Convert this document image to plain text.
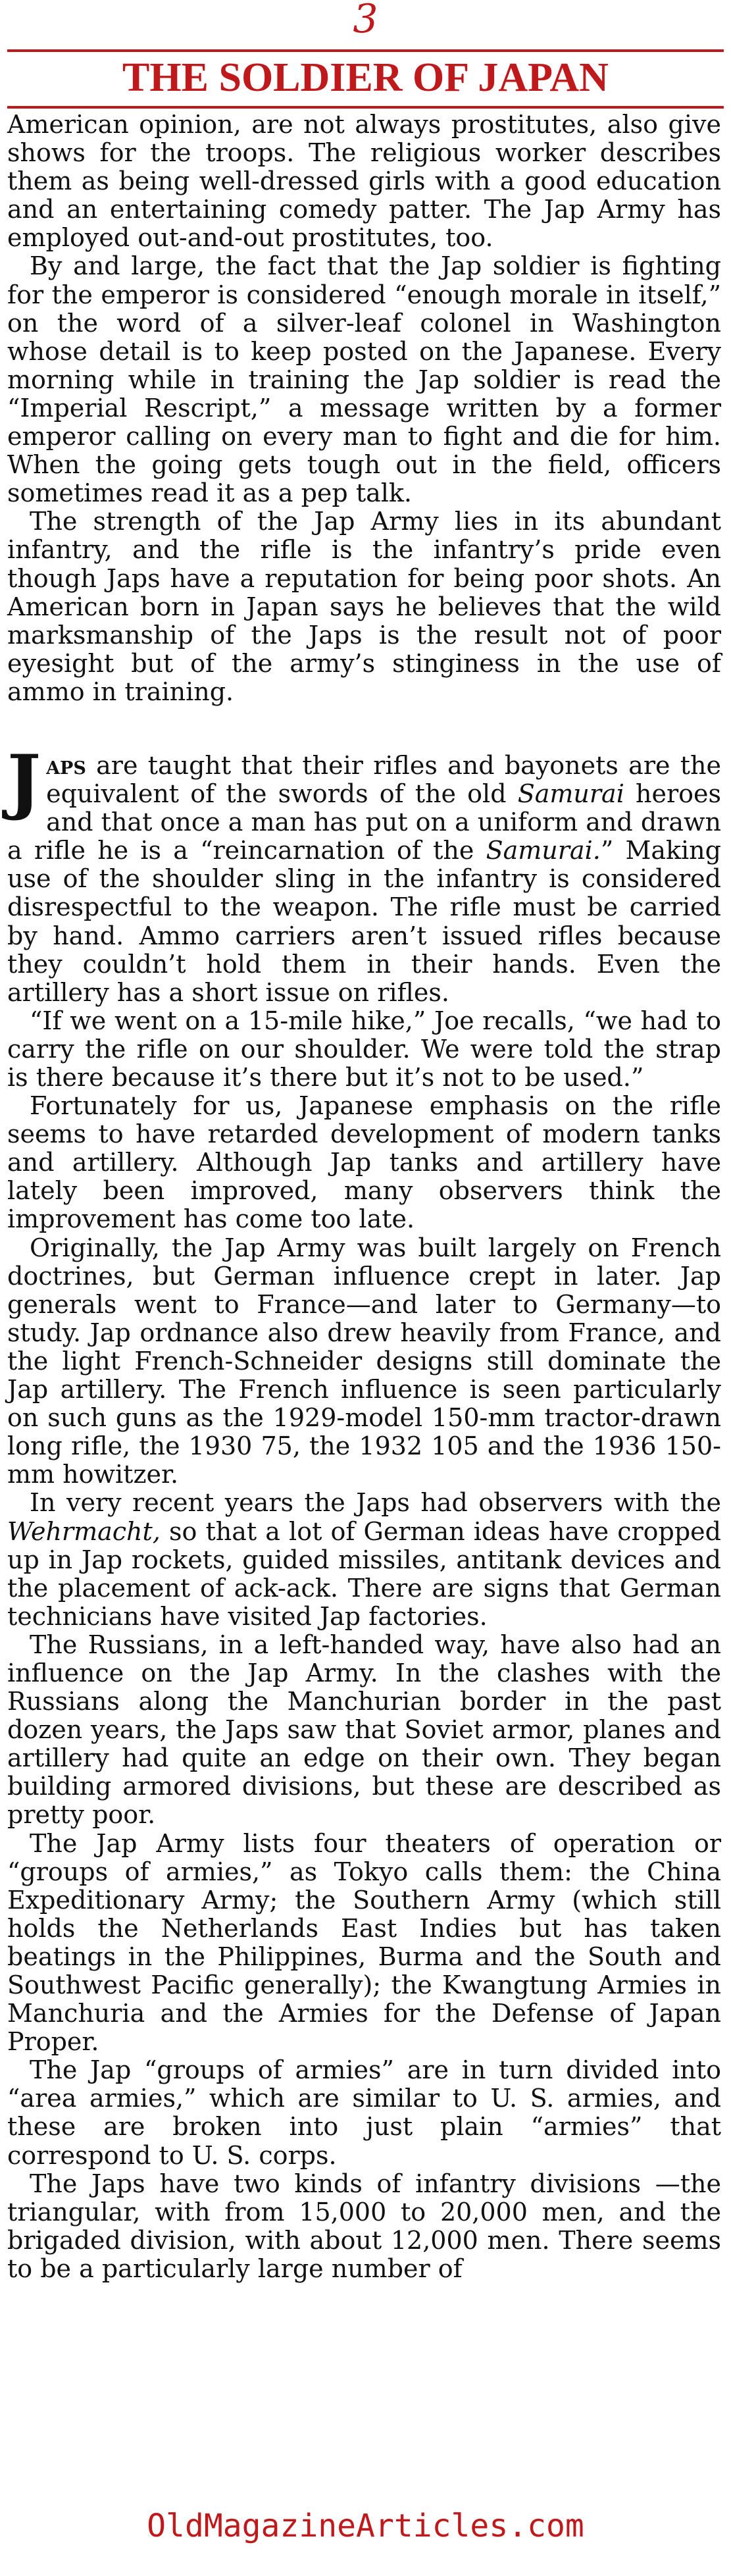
3
THE SOLDIER OF JAPAN

American opinion, are not always prostitutes, also give shows for the troops. The religious worker describes them as being well-dressed girls with a good education and an entertaining comedy patter. The Jap Army has employed out-and-out prostitutes, too.

By and large, the fact that the Jap soldier is fighting for the emperor is considered “enough morale in itself,” on the word of a silver-leaf colonel in Washington whose detail is to keep posted on the Japanese. Every morning while in training the Jap soldier is read the “Imperial Rescript,” a message written by a former emperor calling on every man to fight and die for him. When the going gets tough out in the field, officers sometimes read it as a pep talk.

The strength of the Jap Army lies in its abundant infantry, and the rifle is the infantry’s pride even though Japs have a reputation for being poor shots. An American born in Japan says he believes that the wild marksmanship of the Japs is the result not of poor eyesight but of the army’s stinginess in the use of ammo in training.

Japs are taught that their rifles and bayonets are the equivalent of the swords of the old Samurai heroes and that once a man has put on a uniform and drawn a rifle he is a “reincarnation of the Samurai.” Making use of the shoulder sling in the infantry is considered disrespectful to the weapon. The rifle must be carried by hand. Ammo carriers aren’t issued rifles because they couldn’t hold them in their hands. Even the artillery has a short issue on rifles.

“If we went on a 15-mile hike,” Joe recalls, “we had to carry the rifle on our shoulder. We were told the strap is there because it’s there but it’s not to be used.”

Fortunately for us, Japanese emphasis on the rifle seems to have retarded development of modern tanks and artillery. Although Jap tanks and artillery have lately been improved, many observers think the improvement has come too late.

Originally, the Jap Army was built largely on French doctrines, but German influence crept in later. Jap generals went to France—and later to Germany—to study. Jap ordnance also drew heavily from France, and the light French-Schneider designs still dominate the Jap artillery. The French influence is seen particularly on such guns as the 1929-model 150-mm tractor-drawn long rifle, the 1930 75, the 1932 105 and the 1936 150-mm howitzer.

In very recent years the Japs had observers with the Wehrmacht, so that a lot of German ideas have cropped up in Jap rockets, guided missiles, antitank devices and the placement of ack-ack. There are signs that German technicians have visited Jap factories.

The Russians, in a left-handed way, have also had an influence on the Jap Army. In the clashes with the Russians along the Manchurian border in the past dozen years, the Japs saw that Soviet armor, planes and artillery had quite an edge on their own. They began building armored divisions, but these are described as pretty poor.

The Jap Army lists four theaters of operation or “groups of armies,” as Tokyo calls them: the China Expeditionary Army; the Southern Army (which still holds the Netherlands East Indies but has taken beatings in the Philippines, Burma and the South and Southwest Pacific generally); the Kwangtung Armies in Manchuria and the Armies for the Defense of Japan Proper.

The Jap “groups of armies” are in turn divided into “area armies,” which are similar to U. S. armies, and these are broken into just plain “armies” that correspond to U. S. corps.

The Japs have two kinds of infantry divisions —the triangular, with from 15,000 to 20,000 men, and the brigaded division, with about 12,000 men. There seems to be a particularly large number of

OldMagazineArticles.com
